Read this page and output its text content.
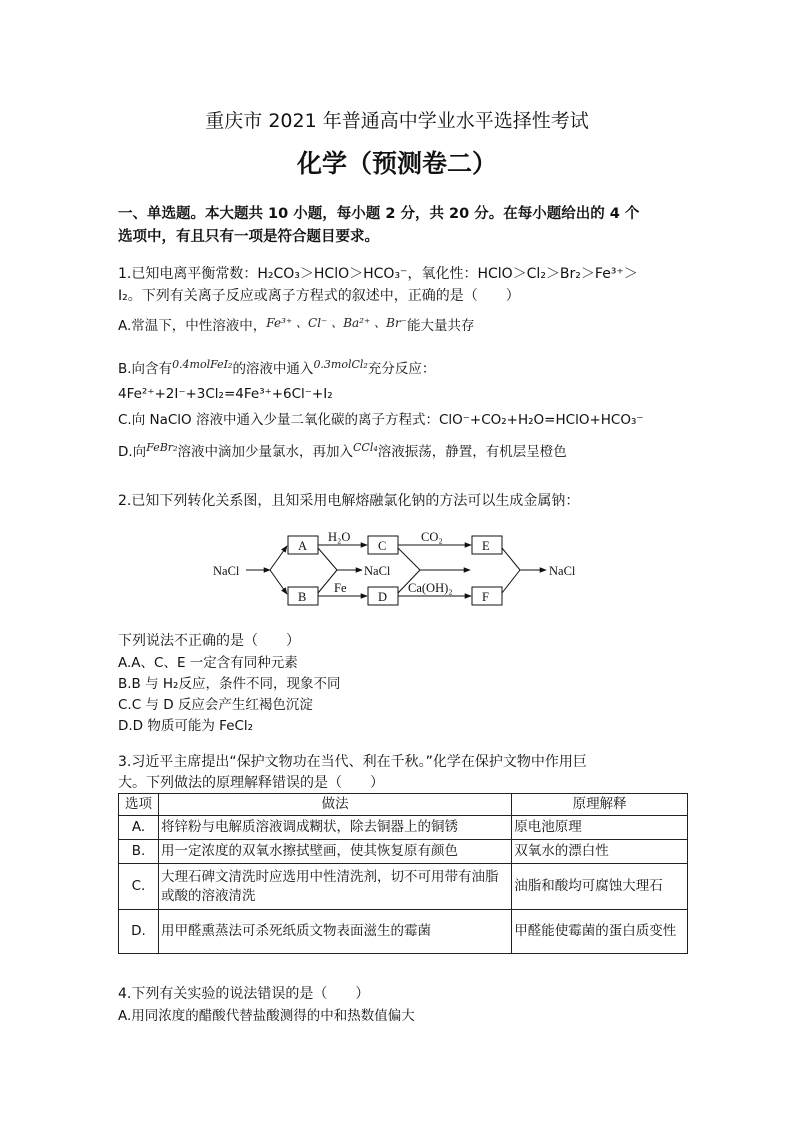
重庆市 2021 年普通高中学业水平选择性考试
化学（预测卷二）
一、单选题。本大题共 10 小题，每小题 2 分，共 20 分。在每小题给出的 4 个
选项中，有且只有一项是符合题目要求。
1.已知电离平衡常数：H₂CO₃＞HClO＞HCO₃⁻，氧化性：HClO＞Cl₂＞Br₂＞Fe³⁺＞
I₂。下列有关离子反应或离子方程式的叙述中，正确的是（　　）
A.常温下，中性溶液中，Fe³⁺ 、Cl⁻ 、Ba²⁺ 、Br⁻能大量共存
B.向含有$^{0.4molFeI_2}$的溶液中通入$^{0.3molCl_2}$充分反应：
4Fe²⁺+2I⁻+3Cl₂=4Fe³⁺+6Cl⁻+I₂
C.向 NaClO 溶液中通入少量二氧化碳的离子方程式：ClO⁻+CO₂+H₂O=HClO+HCO₃⁻
D.向$^{FeBr_2}$溶液中滴加少量氯水，再加入$^{CCl_4}$溶液振荡，静置，有机层呈橙色
2.已知下列转化关系图，且知采用电解熔融氯化钠的方法可以生成金属钠：
NaCl	NaCl	NaCl
A
B
C
D
E
F
H₂O	CO₂
Fe	Ca(OH)₂
下列说法不正确的是（　　）
A.A、C、E 一定含有同种元素
B.B 与 H₂反应，条件不同，现象不同
C.C 与 D 反应会产生红褐色沉淀
D.D 物质可能为 FeCl₂
3.习近平主席提出“保护文物功在当代、利在千秋。”化学在保护文物中作用巨
大。下列做法的原理解释错误的是（　　）
选项	做法	原理解释
A.	将锌粉与电解质溶液调成糊状，除去铜器上的铜锈	原电池原理
B.	用一定浓度的双氧水擦拭壁画，使其恢复原有颜色	双氧水的漂白性
C.	大理石碑文清洗时应选用中性清洗剂，切不可用带有油脂或酸的溶液清洗	油脂和酸均可腐蚀大理石
D.	用甲醛熏蒸法可杀死纸质文物表面滋生的霉菌	甲醛能使霉菌的蛋白质变性
4.下列有关实验的说法错误的是（　　）
A.用同浓度的醋酸代替盐酸测得的中和热数值偏大
